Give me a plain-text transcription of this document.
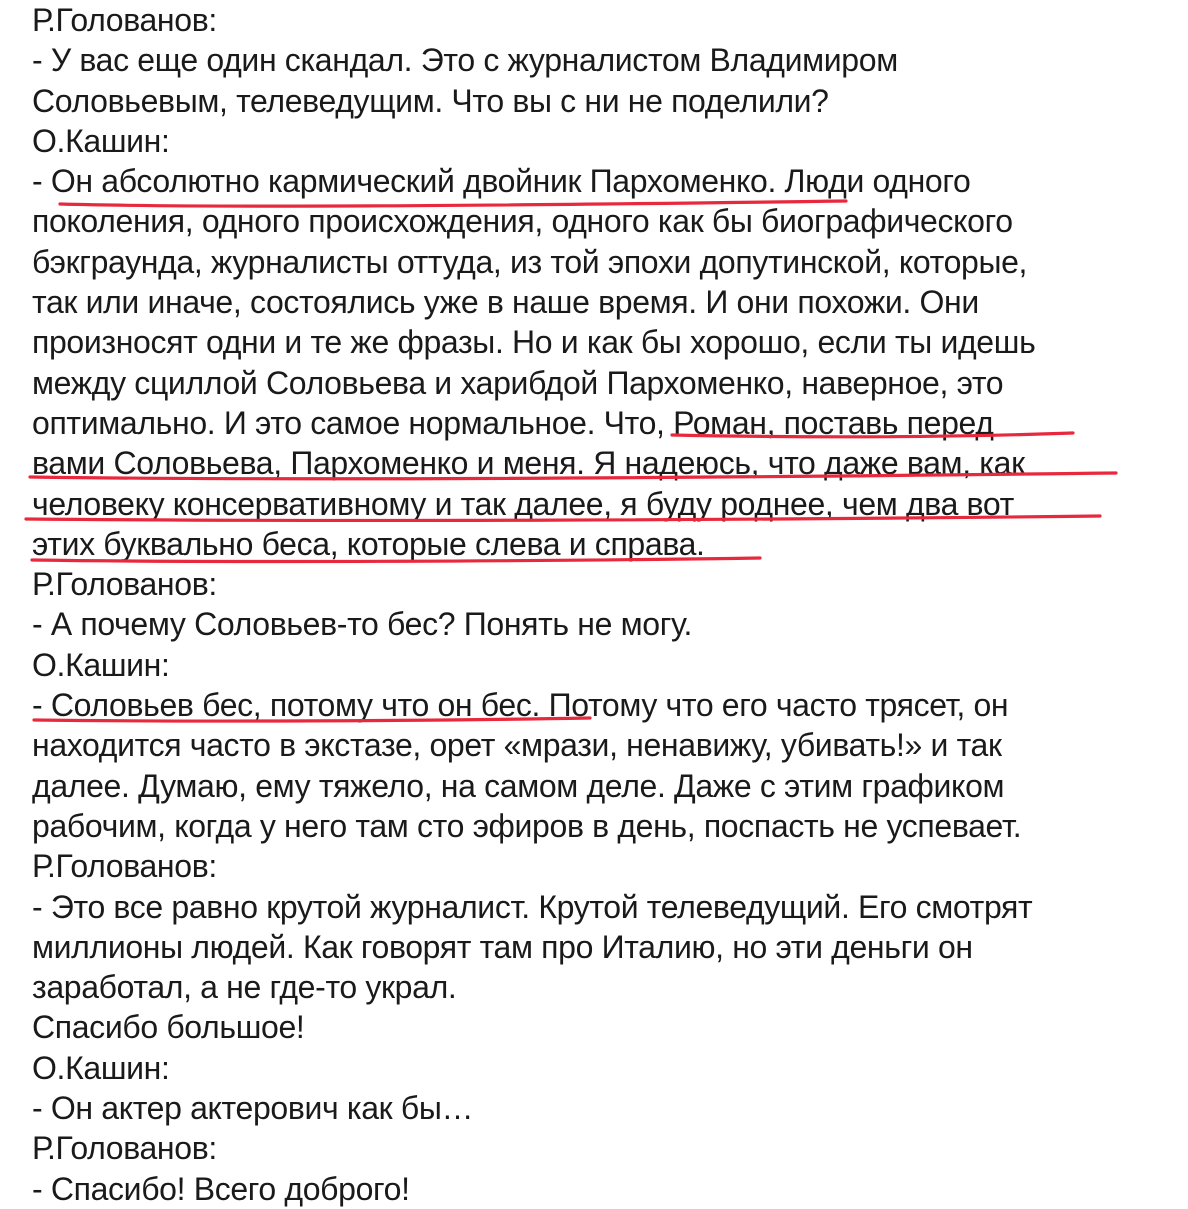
Р.Голованов:
- У вас еще один скандал. Это с журналистом Владимиром
Соловьевым, телеведущим. Что вы с ни не поделили?
О.Кашин:
- Он абсолютно кармический двойник Пархоменко. Люди одного
поколения, одного происхождения, одного как бы биографического
бэкграунда, журналисты оттуда, из той эпохи допутинской, которые,
так или иначе, состоялись уже в наше время. И они похожи. Они
произносят одни и те же фразы. Но и как бы хорошо, если ты идешь
между сциллой Соловьева и харибдой Пархоменко, наверное, это
оптимально. И это самое нормальное. Что, Роман, поставь перед
вами Соловьева, Пархоменко и меня. Я надеюсь, что даже вам, как
человеку консервативному и так далее, я буду роднее, чем два вот
этих буквально беса, которые слева и справа.
Р.Голованов:
- А почему Соловьев-то бес? Понять не могу.
О.Кашин:
- Соловьев бес, потому что он бес. Потому что его часто трясет, он
находится часто в экстазе, орет «мрази, ненавижу, убивать!» и так
далее. Думаю, ему тяжело, на самом деле. Даже с этим графиком
рабочим, когда у него там сто эфиров в день, поспасть не успевает.
Р.Голованов:
- Это все равно крутой журналист. Крутой телеведущий. Его смотрят
миллионы людей. Как говорят там про Италию, но эти деньги он
заработал, а не где-то украл.
Спасибо большое!
О.Кашин:
- Он актер актерович как бы…
Р.Голованов:
- Спасибо! Всего доброго!
